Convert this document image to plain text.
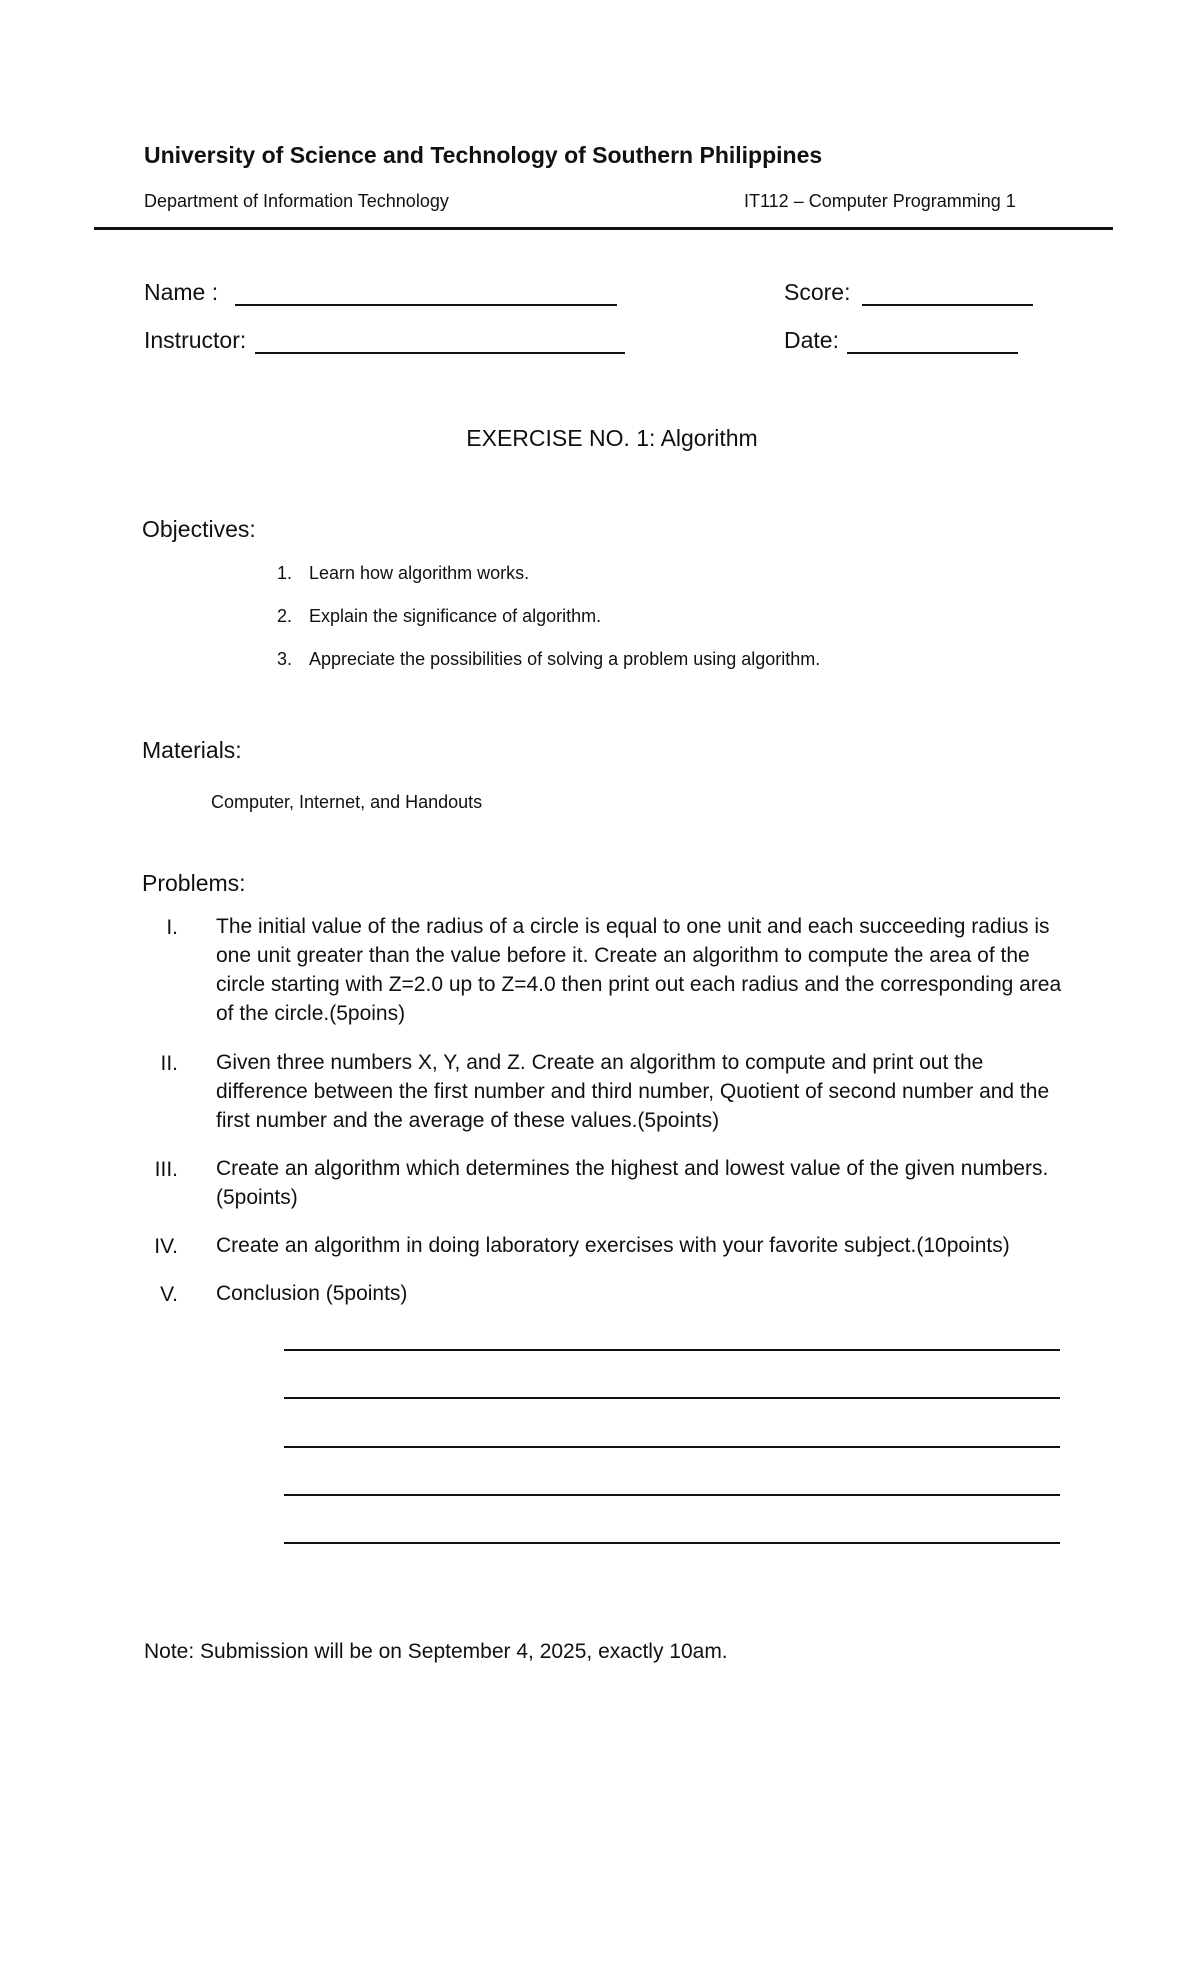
University of Science and Technology of Southern Philippines
Department of Information Technology	IT112 – Computer Programming 1
Name :	Score:
Instructor:	Date:
EXERCISE NO. 1: Algorithm
Objectives:
1. Learn how algorithm works.
2. Explain the significance of algorithm.
3. Appreciate the possibilities of solving a problem using algorithm.
Materials:
Computer, Internet, and Handouts
Problems:
I. The initial value of the radius of a circle is equal to one unit and each succeeding radius is one unit greater than the value before it. Create an algorithm to compute the area of the circle starting with Z=2.0 up to Z=4.0 then print out each radius and the corresponding area of the circle.(5poins)
II. Given three numbers X, Y, and Z. Create an algorithm to compute and print out the difference between the first number and third number, Quotient of second number and the first number and the average of these values.(5points)
III. Create an algorithm which determines the highest and lowest value of the given numbers.(5points)
IV. Create an algorithm in doing laboratory exercises with your favorite subject.(10points)
V. Conclusion (5points)
Note: Submission will be on September 4, 2025, exactly 10am.
